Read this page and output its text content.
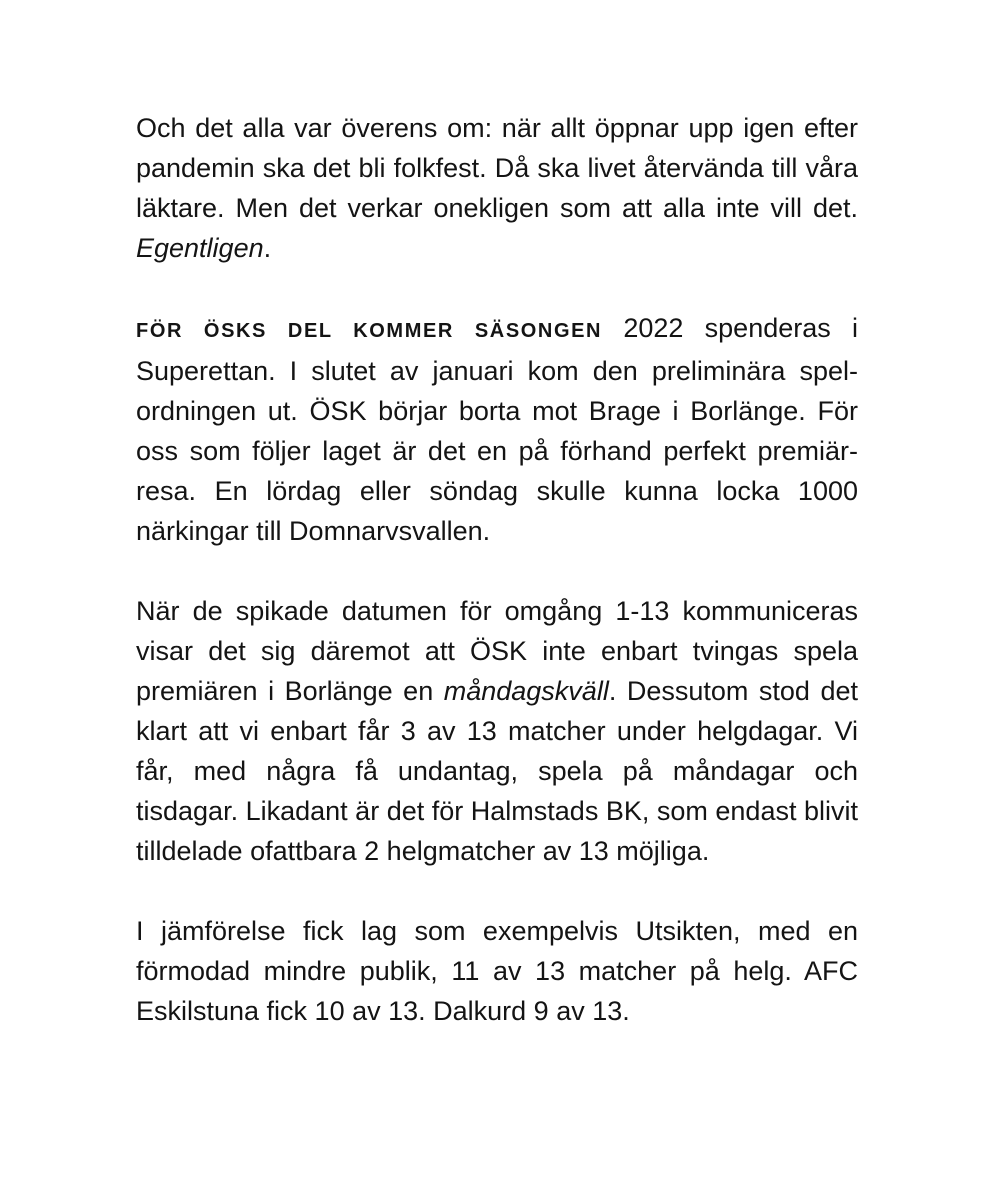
Och det alla var överens om: när allt öppnar upp igen efter pandemin ska det bli folkfest. Då ska livet återvända till våra läktare. Men det verkar onekligen som att alla inte vill det. Egentligen.

FÖR ÖSKS DEL KOMMER SÄSONGEN 2022 spenderas i Superettan. I slutet av januari kom den preliminära spelordningen ut. ÖSK börjar borta mot Brage i Borlänge. För oss som följer laget är det en på förhand perfekt premiärresa. En lördag eller söndag skulle kunna locka 1000 närkingar till Domnarvsvallen.

När de spikade datumen för omgång 1-13 kommuniceras visar det sig däremot att ÖSK inte enbart tvingas spela premiären i Borlänge en måndagskväll. Dessutom stod det klart att vi enbart får 3 av 13 matcher under helgdagar. Vi får, med några få undantag, spela på måndagar och tisdagar. Likadant är det för Halmstads BK, som endast blivit tilldelade ofattbara 2 helgmatcher av 13 möjliga.

I jämförelse fick lag som exempelvis Utsikten, med en förmodad mindre publik, 11 av 13 matcher på helg. AFC Eskilstuna fick 10 av 13. Dalkurd 9 av 13.
